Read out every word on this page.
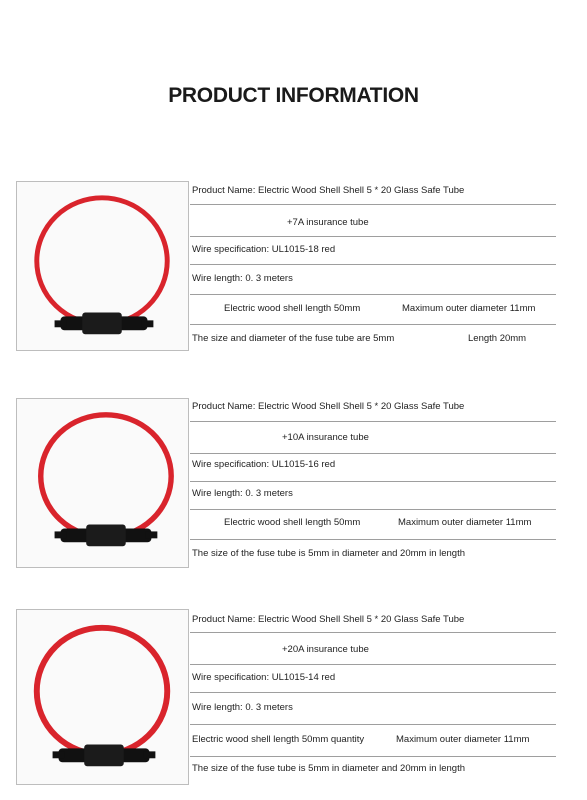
PRODUCT INFORMATION
Product Name: Electric Wood Shell Shell 5 * 20 Glass Safe Tube
+7A insurance tube
Wire specification: UL1015-18 red
Wire length: 0. 3 meters
Electric wood shell length 50mm	Maximum outer diameter 11mm
The size and diameter of the fuse tube are 5mm	Length 20mm
Product Name: Electric Wood Shell Shell 5 * 20 Glass Safe Tube
+10A insurance tube
Wire specification: UL1015-16 red
Wire length: 0. 3 meters
Electric wood shell length 50mm	Maximum outer diameter 11mm
The size of the fuse tube is 5mm in diameter and 20mm in length
Product Name: Electric Wood Shell Shell 5 * 20 Glass Safe Tube
+20A insurance tube
Wire specification: UL1015-14 red
Wire length: 0. 3 meters
Electric wood shell length 50mm quantity	Maximum outer diameter 11mm
The size of the fuse tube is 5mm in diameter and 20mm in length
